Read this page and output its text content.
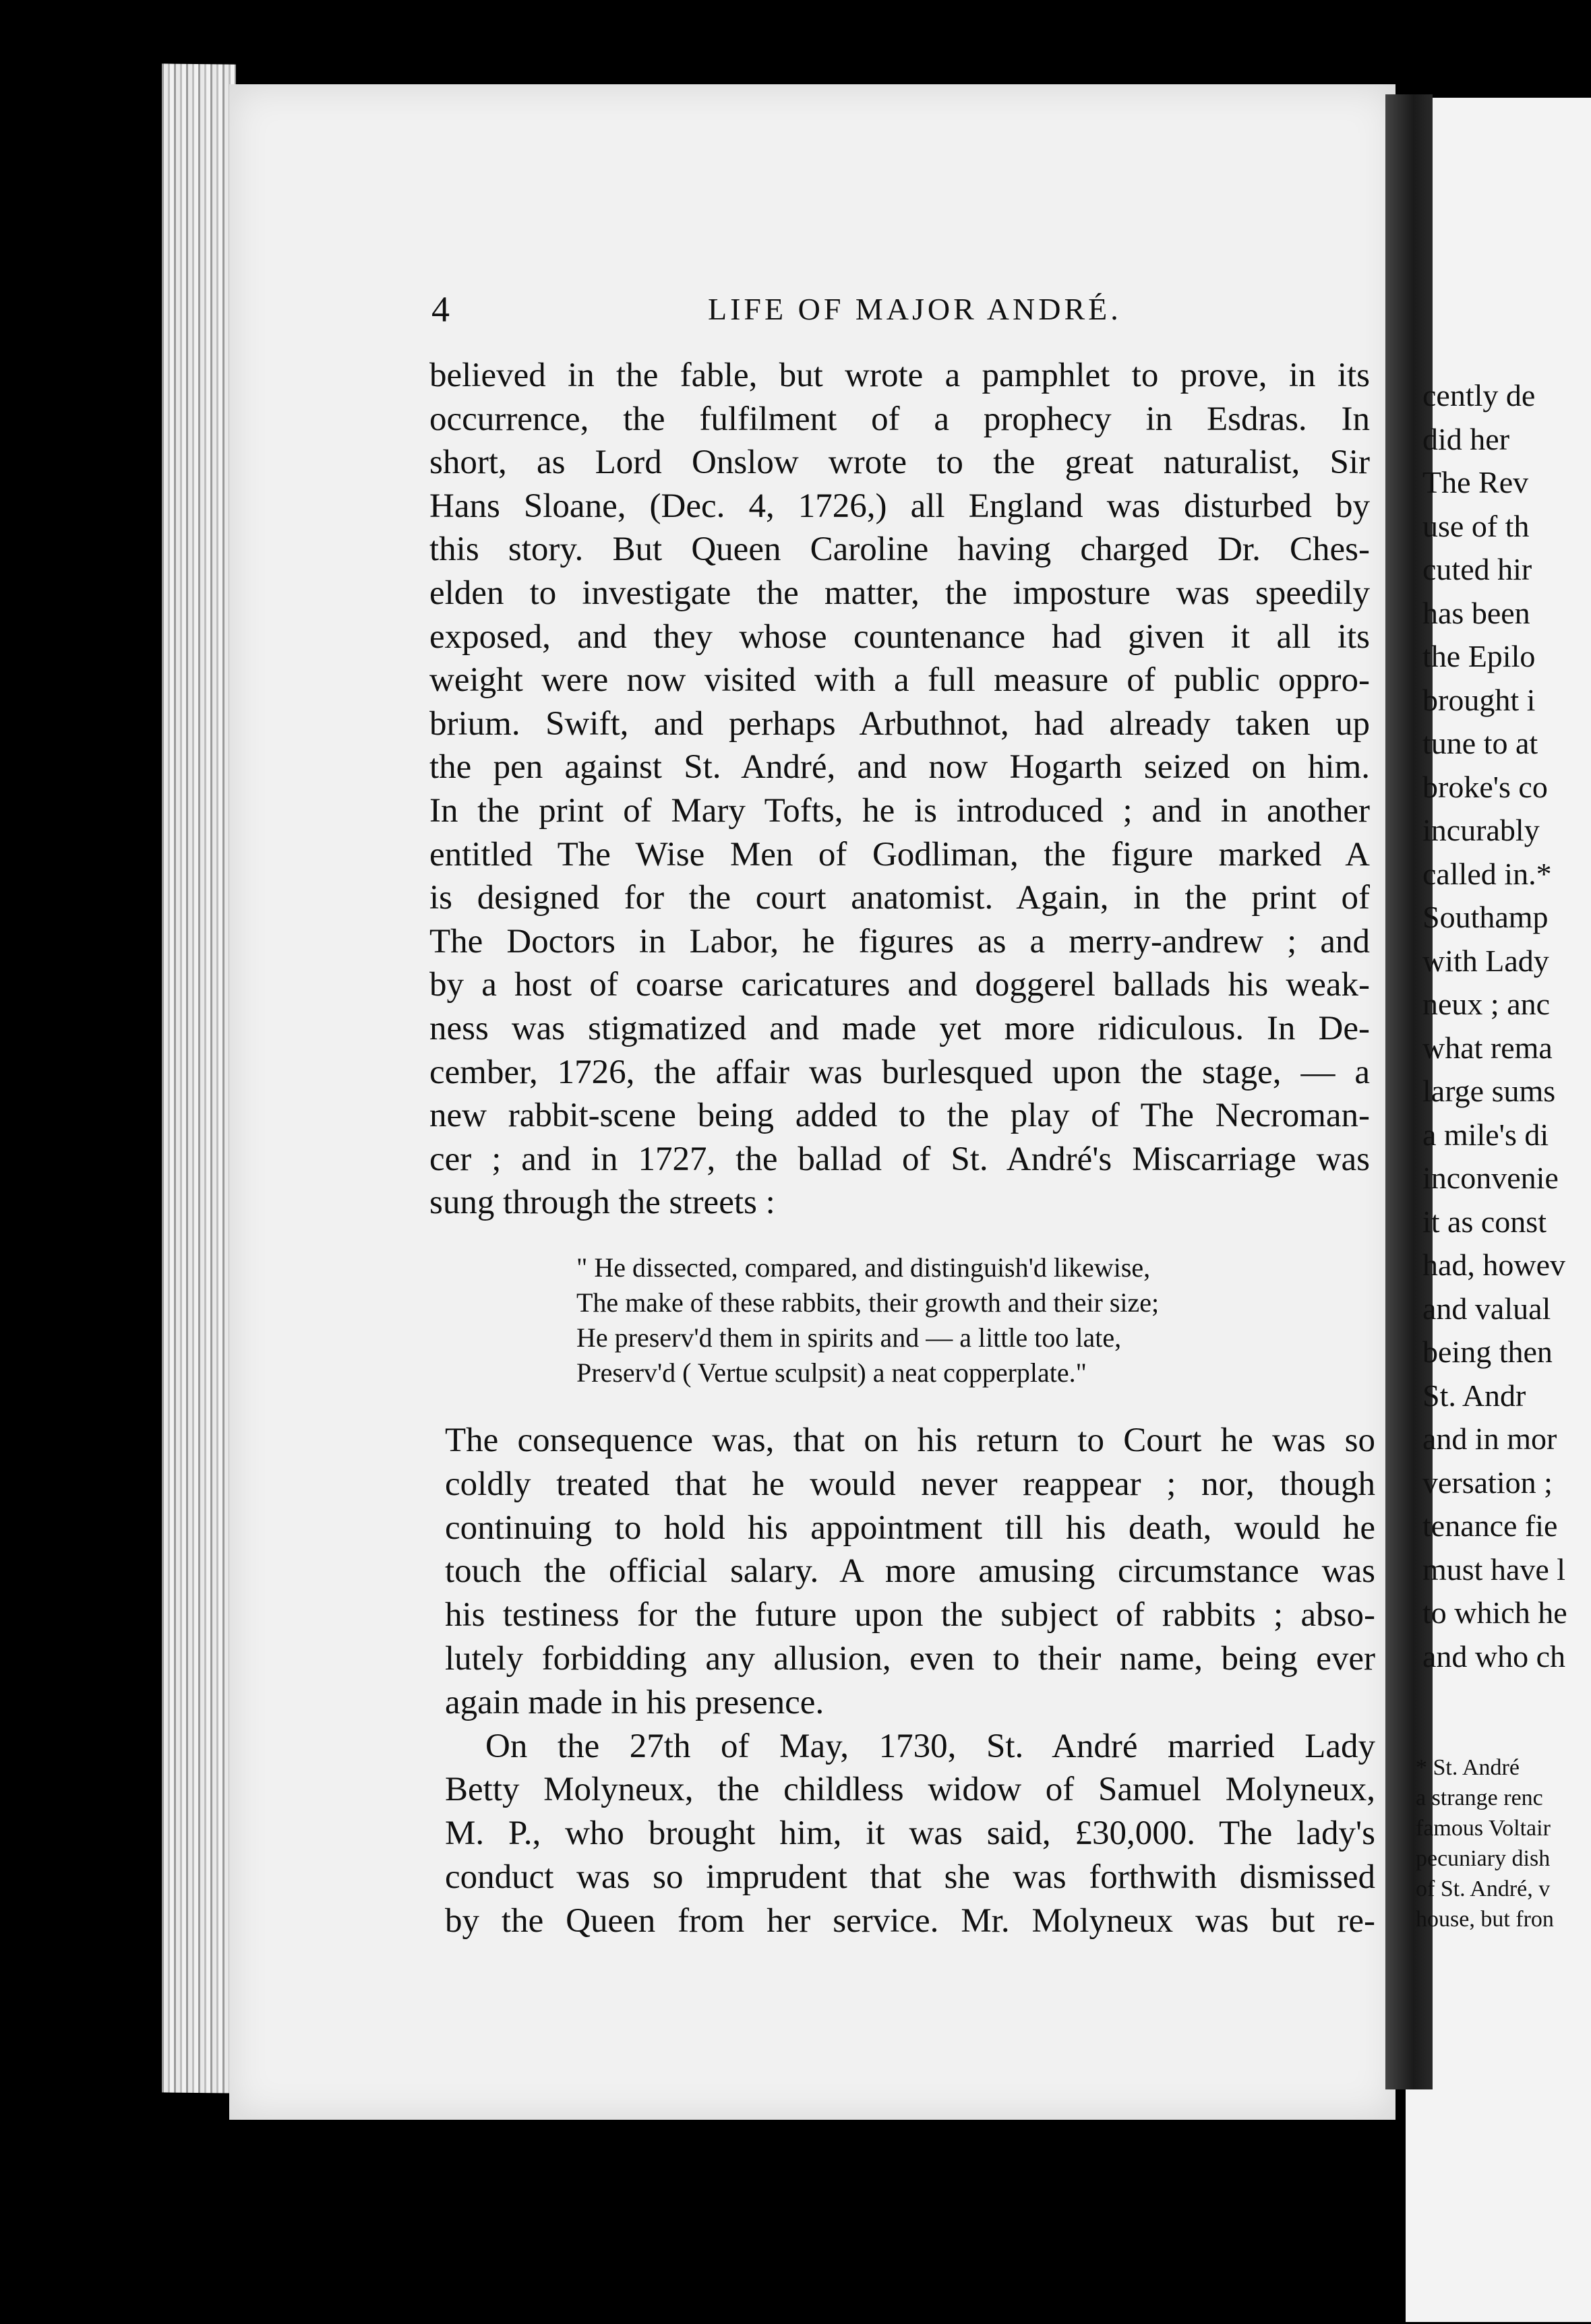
4	LIFE OF MAJOR ANDRÉ.
believed in the fable, but wrote a pamphlet to prove, in its
occurrence, the fulfilment of a prophecy in Esdras. In
short, as Lord Onslow wrote to the great naturalist, Sir
Hans Sloane, (Dec. 4, 1726,) all England was disturbed by
this story. But Queen Caroline having charged Dr. Ches-
elden to investigate the matter, the imposture was speedily
exposed, and they whose countenance had given it all its
weight were now visited with a full measure of public oppro-
brium. Swift, and perhaps Arbuthnot, had already taken up
the pen against St. André, and now Hogarth seized on him.
In the print of Mary Tofts, he is introduced ; and in another
entitled The Wise Men of Godliman, the figure marked A
is designed for the court anatomist. Again, in the print of
The Doctors in Labor, he figures as a merry-andrew ; and
by a host of coarse caricatures and doggerel ballads his weak-
ness was stigmatized and made yet more ridiculous. In De-
cember, 1726, the affair was burlesqued upon the stage, — a
new rabbit-scene being added to the play of The Necroman-
cer ; and in 1727, the ballad of St. André's Miscarriage was
sung through the streets :
" He dissected, compared, and distinguish'd likewise,
The make of these rabbits, their growth and their size;
He preserv'd them in spirits and — a little too late,
Preserv'd ( Vertue sculpsit) a neat copperplate."
The consequence was, that on his return to Court he was so
coldly treated that he would never reappear ; nor, though
continuing to hold his appointment till his death, would he
touch the official salary. A more amusing circumstance was
his testiness for the future upon the subject of rabbits ; abso-
lutely forbidding any allusion, even to their name, being ever
again made in his presence.
On the 27th of May, 1730, St. André married Lady
Betty Molyneux, the childless widow of Samuel Molyneux,
M. P., who brought him, it was said, £30,000. The lady's
conduct was so imprudent that she was forthwith dismissed
by the Queen from her service. Mr. Molyneux was but re-
cently de
did her
The Rev
use of th
cuted hir
has been
the Epilo
brought i
tune to at
broke's co
incurably
called in.*
Southamp
with Lady
neux ; anc
what rema
large sums
a mile's di
inconvenie
it as const
had, howev
and valual
being then
St. Andr
and in mor
versation ;
tenance fie
must have l
to which he
and who ch
* St. André
a strange renc
famous Voltair
pecuniary dish
of St. André, v
house, but fron
